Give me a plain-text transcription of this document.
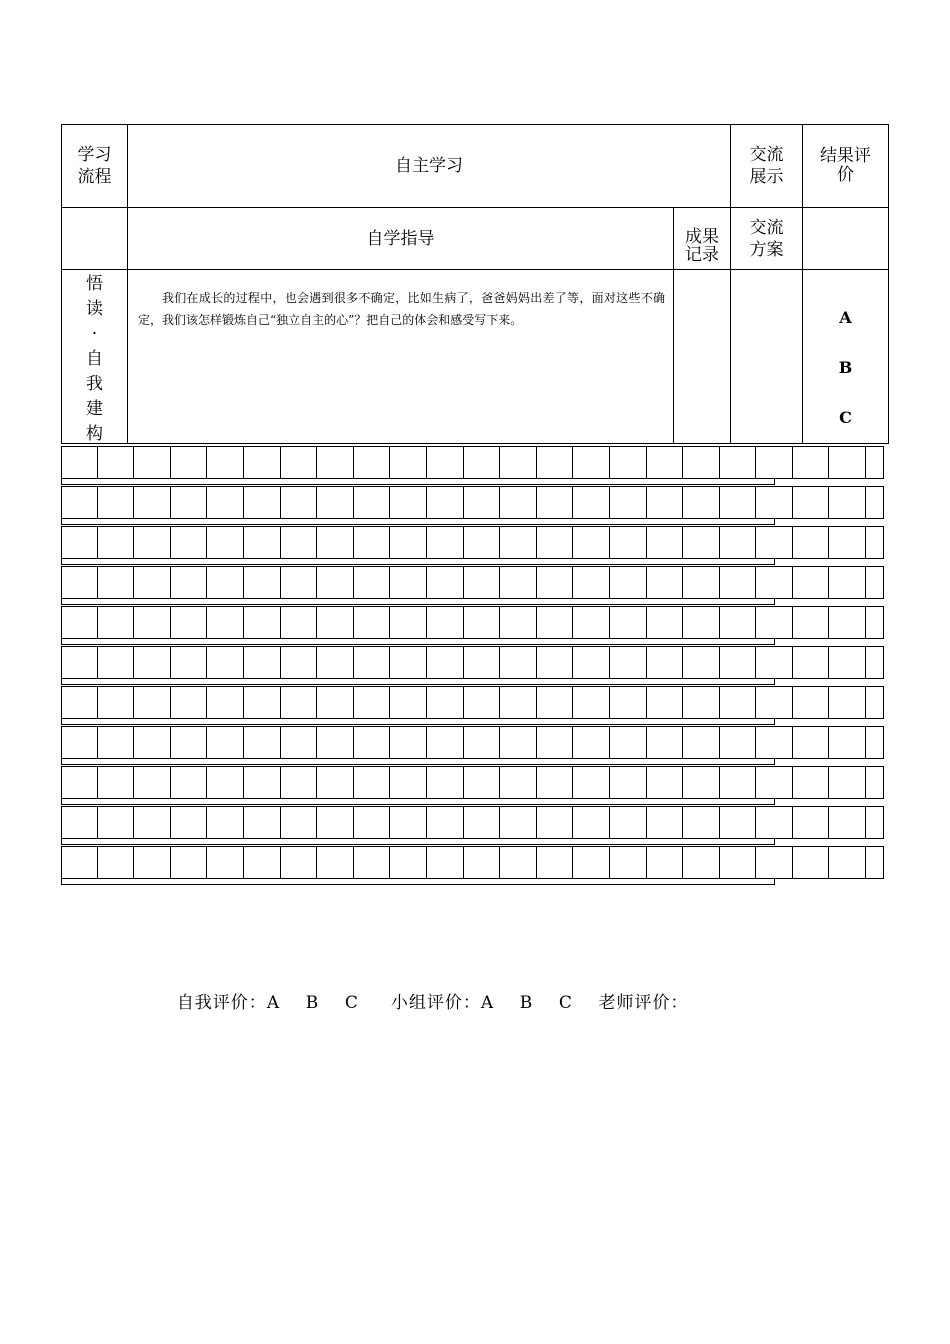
学习
流程
自主学习
交流
展示
结果评
价
自学指导	成果
记录
交流
方案
悟
读
·
自
我
建
构
我们在成长的过程中，也会遇到很多不确定，比如生病了，爸爸妈妈出差了等，面对这些不确定，我们该怎样锻炼自己“独立自主的心”？把自己的体会和感受写下来。	A
B
C

自我评价：A    B    C 小组评价：A    B    C 老师评价：
